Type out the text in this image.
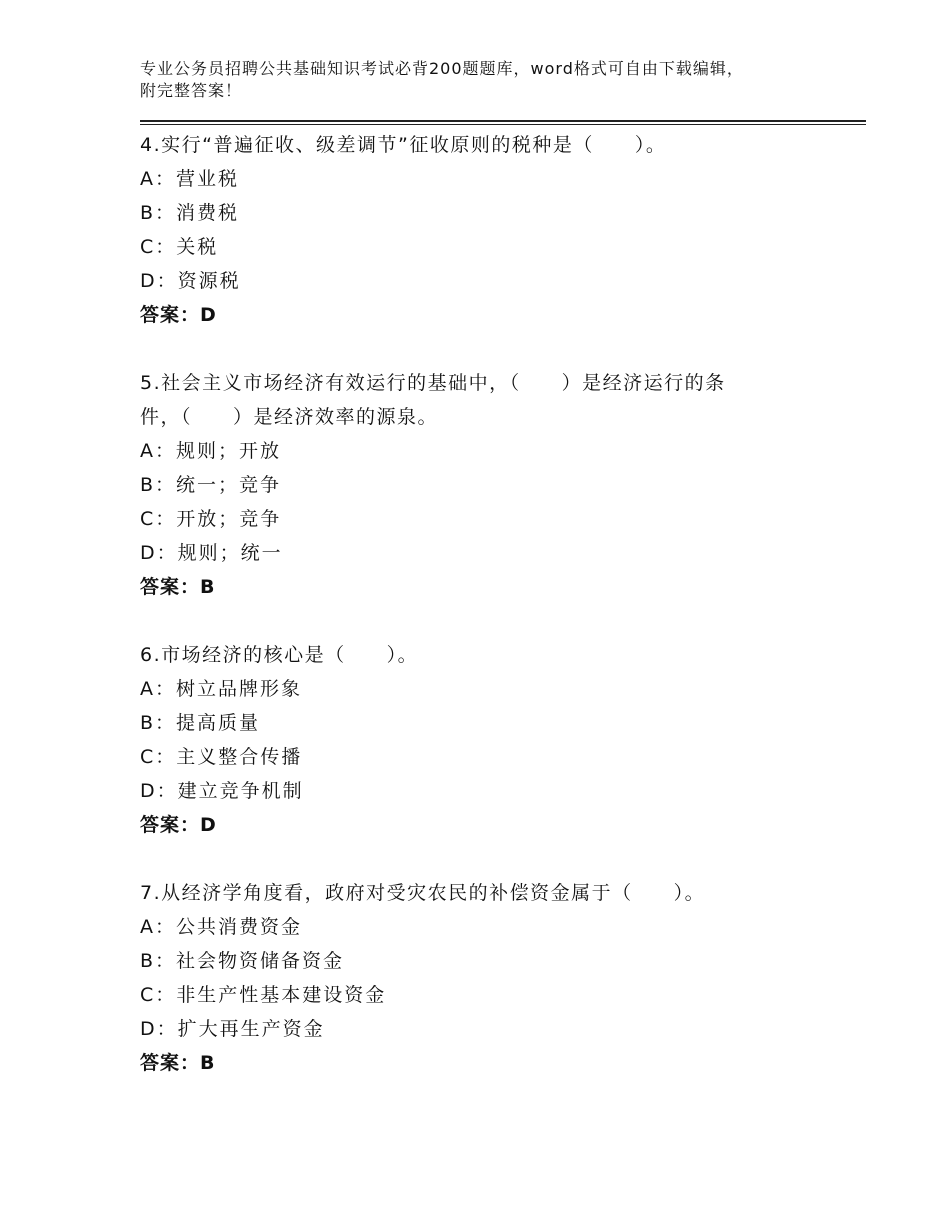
专业公务员招聘公共基础知识考试必背200题题库，word格式可自由下载编辑，
附完整答案！
4.实行“普遍征收、级差调节”征收原则的税种是（　　）。
A：营业税
B：消费税
C：关税
D：资源税
答案：D
5.社会主义市场经济有效运行的基础中，（　　）是经济运行的条
件，（　　）是经济效率的源泉。
A：规则；开放
B：统一；竞争
C：开放；竞争
D：规则；统一
答案：B
6.市场经济的核心是（　　）。
A：树立品牌形象
B：提高质量
C：主义整合传播
D：建立竞争机制
答案：D
7.从经济学角度看，政府对受灾农民的补偿资金属于（　　）。
A：公共消费资金
B：社会物资储备资金
C：非生产性基本建设资金
D：扩大再生产资金
答案：B
